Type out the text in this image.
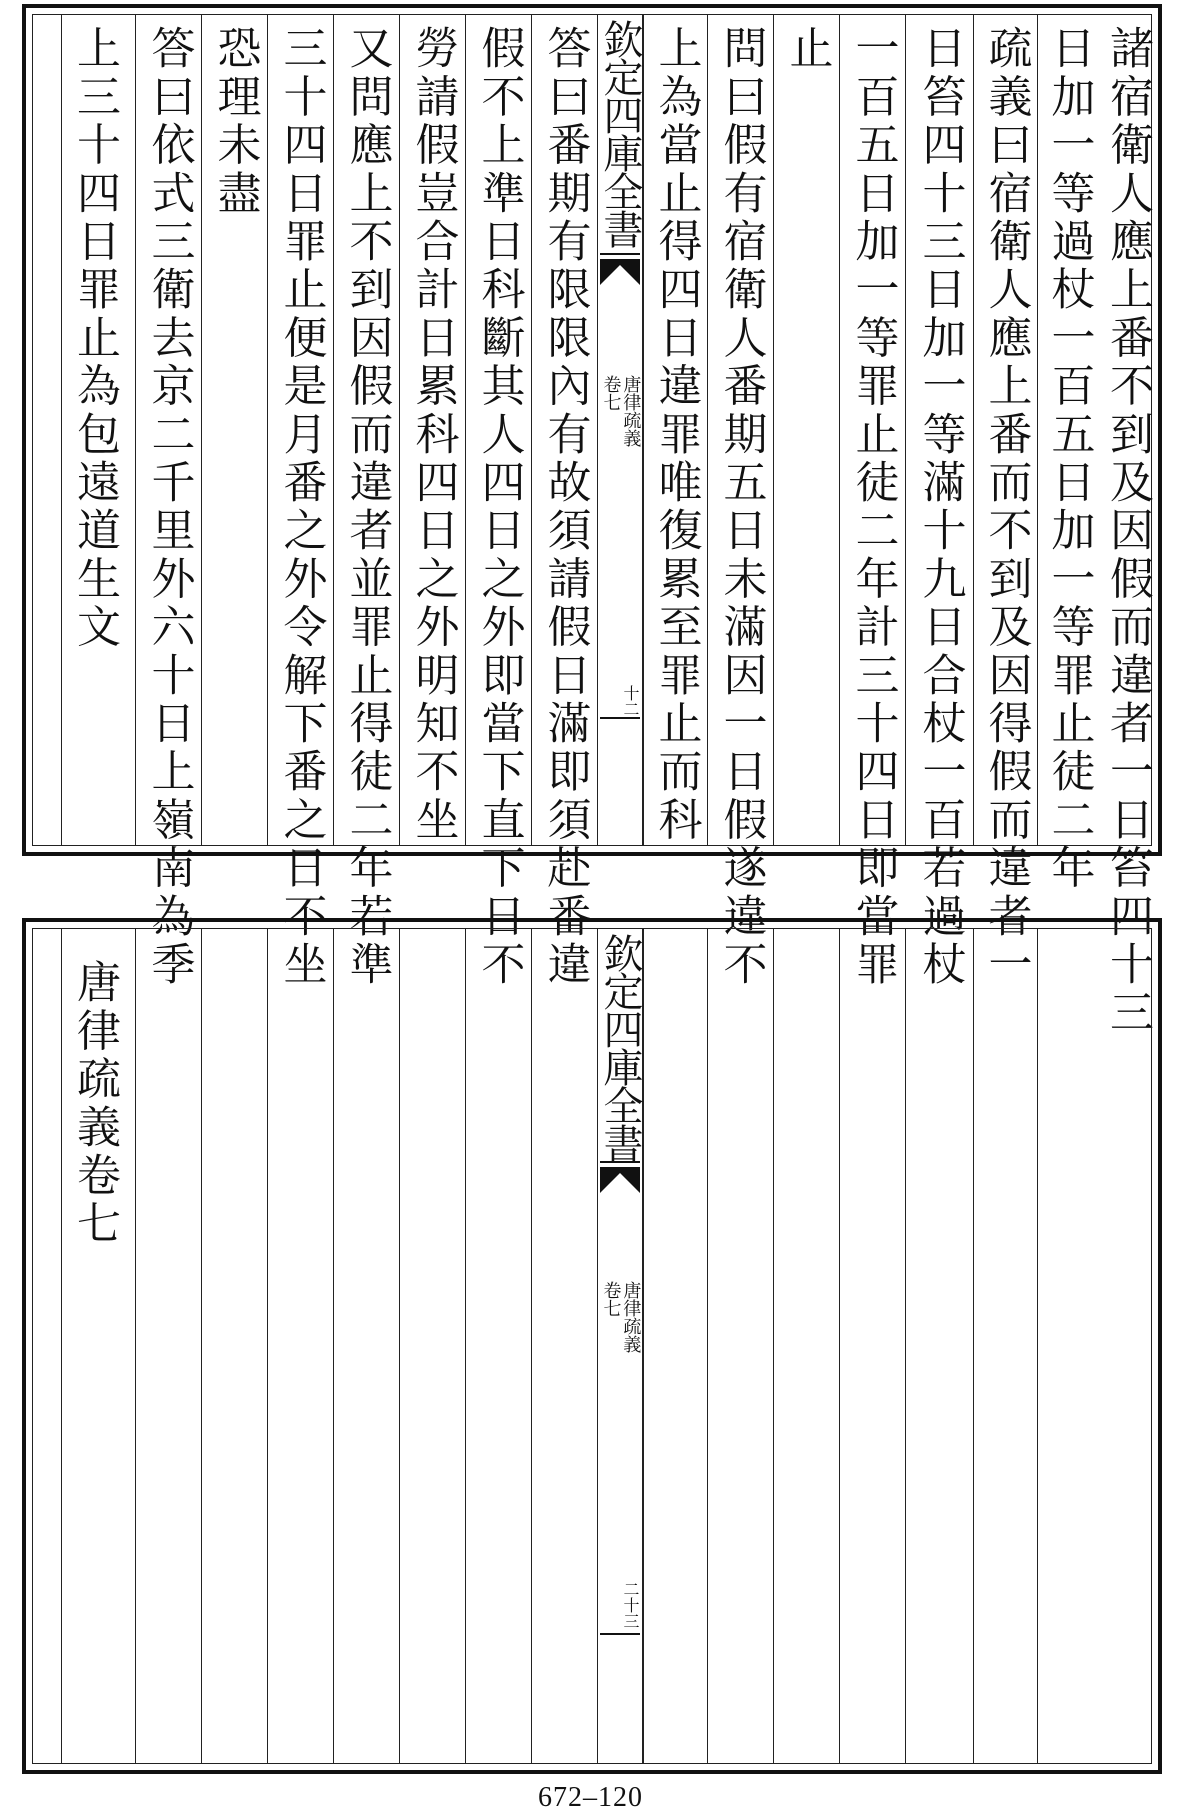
諸宿衛人應上番不到及因假而違者一日笞四十三
日加一等過杖一百五日加一等罪止徒二年
疏義曰宿衛人應上番而不到及因得假而違者一
日笞四十三日加一等滿十九日合杖一百若過杖
一百五日加一等罪止徒二年計三十四日即當罪
止
問曰假有宿衛人番期五日未滿因一日假遂違不
上為當止得四日違罪唯復累至罪止而科
欽定四庫全書
卷七
唐律疏義
十二
答曰番期有限限內有故須請假日滿即須赴番違
假不上準日科斷其人四日之外即當下直下日不
勞請假豈合計日累科四日之外明知不坐
又問應上不到因假而違者並罪止得徒二年若準
三十四日罪止便是月番之外令解下番之日不坐
恐理未盡
答曰依式三衛去京二千里外六十日上嶺南為季
上三十四日罪止為包遠道生文
欽定四庫全書
卷七
唐律疏義
二十三
唐律疏義卷七
672–120
